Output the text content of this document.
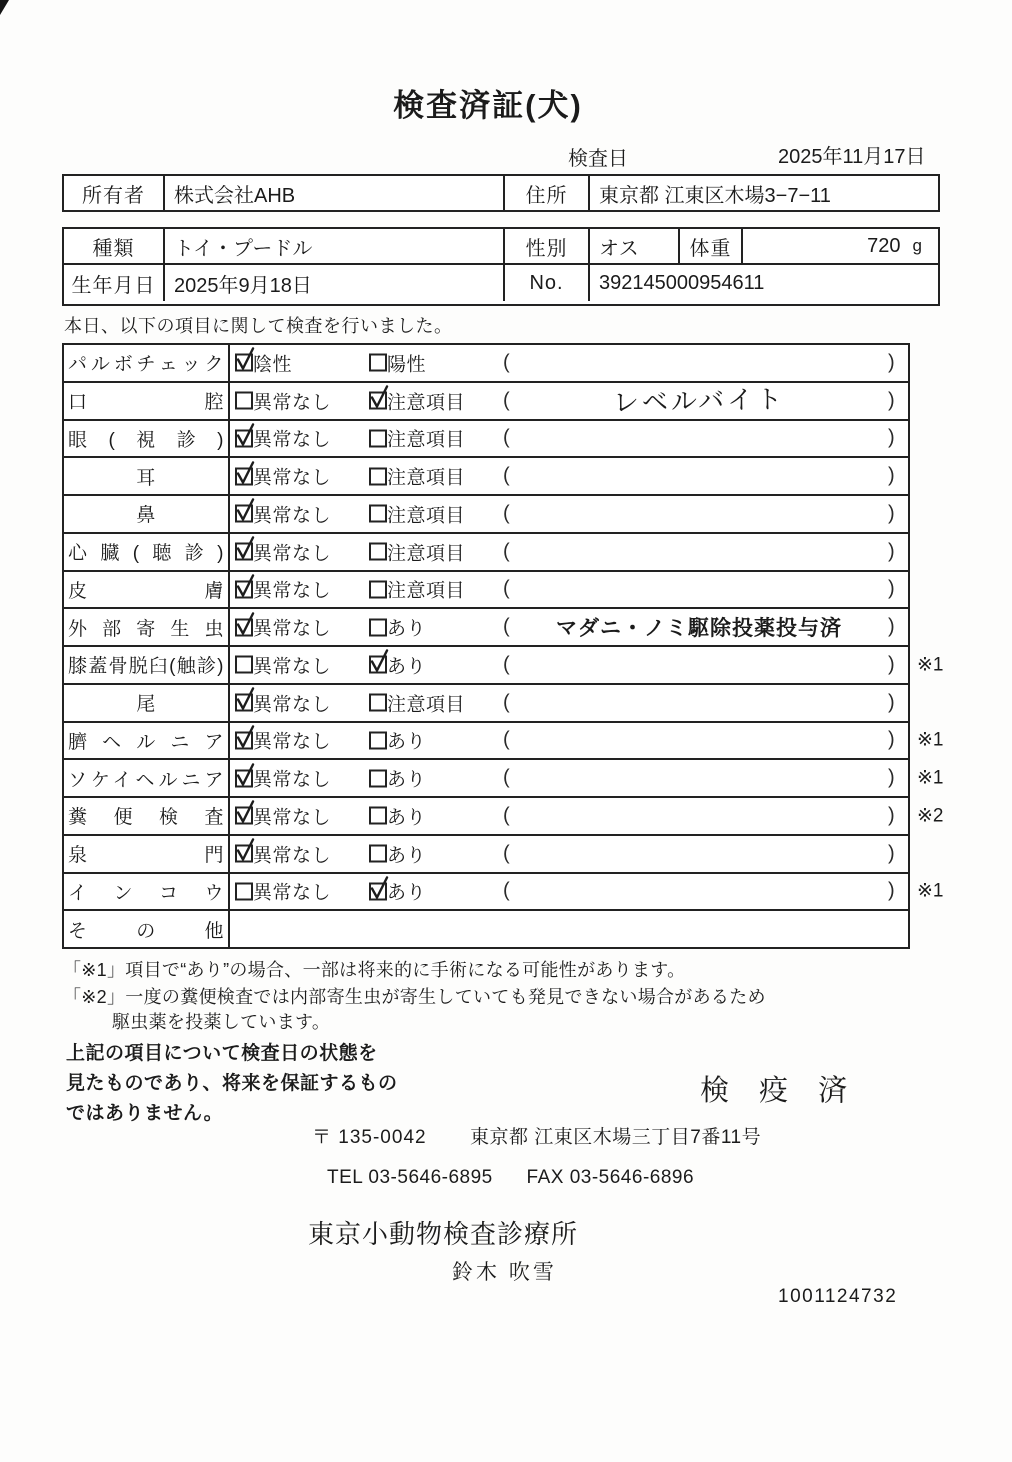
検査済証(犬)
検査日	2025年11月17日
所有者	株式会社AHB	住所	東京都 江東区木場3−7−11
種類	トイ・プードル	性別	オス	体重	720 g
生年月日 2025年9月18日	No.	392145000954611
本日、以下の項目に関して検査を行いました。
パルボチェック 陰性	陽性	(	)
口腔 異常なし	注意項目 (	レベルバイト	)
眼(視診) 異常なし	注意項目 (	)
耳	異常なし	注意項目 (	)
鼻	異常なし	注意項目 (	)
心臓(聴診) 異常なし	注意項目 (	)
皮膚 異常なし	注意項目 (	)
外部寄生虫 異常なし	あり	(	マダニ・ノミ駆除投薬投与済	)
膝蓋骨脱臼(触診) 異常なし	あり	(	) ※1
尾	異常なし	注意項目 (	)
臍ヘルニア 異常なし	あり	(	) ※1
ソケイヘルニア 異常なし	あり	(	) ※1
糞便検査 異常なし	あり	(	) ※2
泉門 異常なし	あり	(	)
インコウ 異常なし	あり	(	) ※1
その他
「※1」項目で“あり”の場合、一部は将来的に手術になる可能性があります。
「※2」一度の糞便検査では内部寄生虫が寄生していても発見できない場合があるため
駆虫薬を投薬しています。
上記の項目について検査日の状態を
見たものであり、将来を保証するもの
ではありません。
検 疫 済
〒 135-0042 東京都 江東区木場三丁目7番11号
TEL 03-5646-6895 FAX 03-5646-6896
東京小動物検査診療所
鈴木 吹雪
1001124732
